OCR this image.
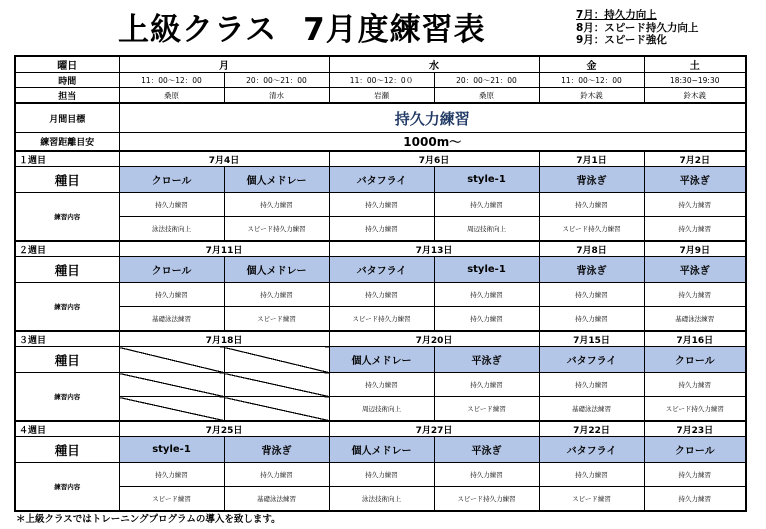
上級クラス 7月度練習表	7月：持久力向上
8月：スピード持久力向上
9月：スピード強化
曜日	月		水		金	土
時間	11：00～12：00	20：00～21：00	11：00～12：0０	20：00～21：00	11：00～12：00	18:30~19:30
担当	桑原	清水	岩瀬	桑原	鈴木義	鈴木義
月間目標	持久力練習					
練習距離目安	1000m～					
１週目	7月4日		7月6日		7月1日	7月2日
種目	クロール	個人メドレー	バタフライ	style-1	背泳ぎ	平泳ぎ
練習内容	持久力練習	持久力練習	持久力練習	持久力練習	持久力練習	持久力練習
	泳法技術向上	スピード持久力練習	持久力練習	周辺技術向上	スピード持久力練習	持久力練習
２週目	7月11日		7月13日		7月8日	7月9日
種目	クロール	個人メドレー	バタフライ	style-1	背泳ぎ	平泳ぎ
練習内容	持久力練習	持久力練習	持久力練習	持久力練習	持久力練習	持久力練習
	基礎泳法練習	スピード練習	スピード持久力練習	持久力練習	持久力練習	基礎泳法練習
３週目	7月18日		7月20日		7月15日	7月16日
種目			個人メドレー	平泳ぎ	バタフライ	クロール
練習内容			持久力練習	持久力練習	持久力練習	持久力練習
			周辺技術向上	スピード練習	基礎泳法練習	スピード持久力練習
４週目	7月25日		7月27日		7月22日	7月23日
種目	style-1	背泳ぎ	個人メドレー	平泳ぎ	バタフライ	クロール
練習内容	持久力練習	持久力練習	持久力練習	持久力練習	持久力練習	持久力練習
	スピード練習	基礎泳法練習	泳法技術向上	スピード持久力練習	スピード練習	持久力練習
＊上級クラスではトレーニングプログラムの導入を致します。
